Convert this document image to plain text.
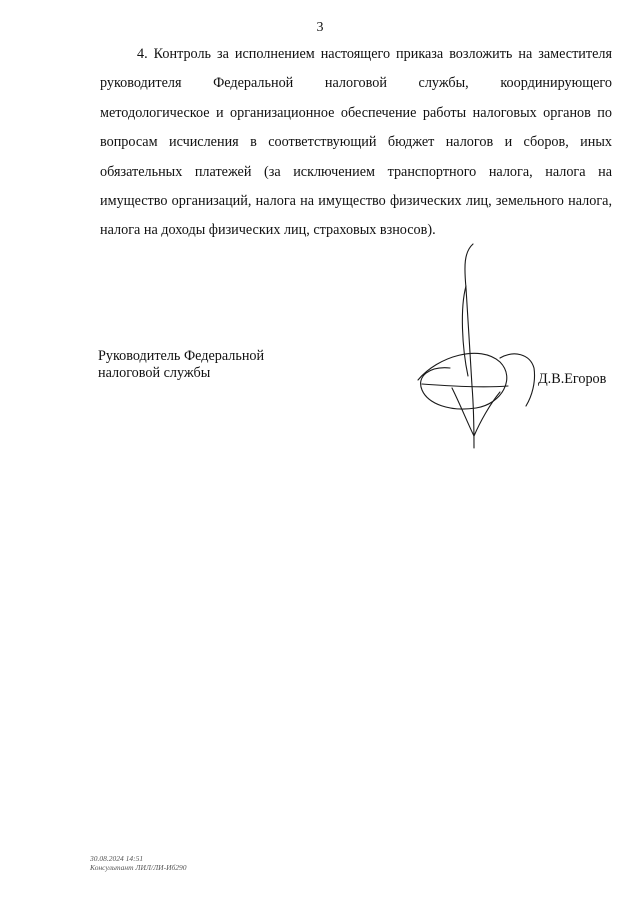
3

4. Контроль за исполнением настоящего приказа возложить на заместителя руководителя Федеральной налоговой службы, координирующего методологическое и организационное обеспечение работы налоговых органов по вопросам исчисления в соответствующий бюджет налогов и сборов, иных обязательных платежей (за исключением транспортного налога, налога на имущество организаций, налога на имущество физических лиц, земельного налога, налога на доходы физических лиц, страховых взносов).

Руководитель Федеральной
налоговой службы	Д.В.Егоров
30.08.2024 14:51
Консультант ЛИЛ/ЛИ-Иб290
